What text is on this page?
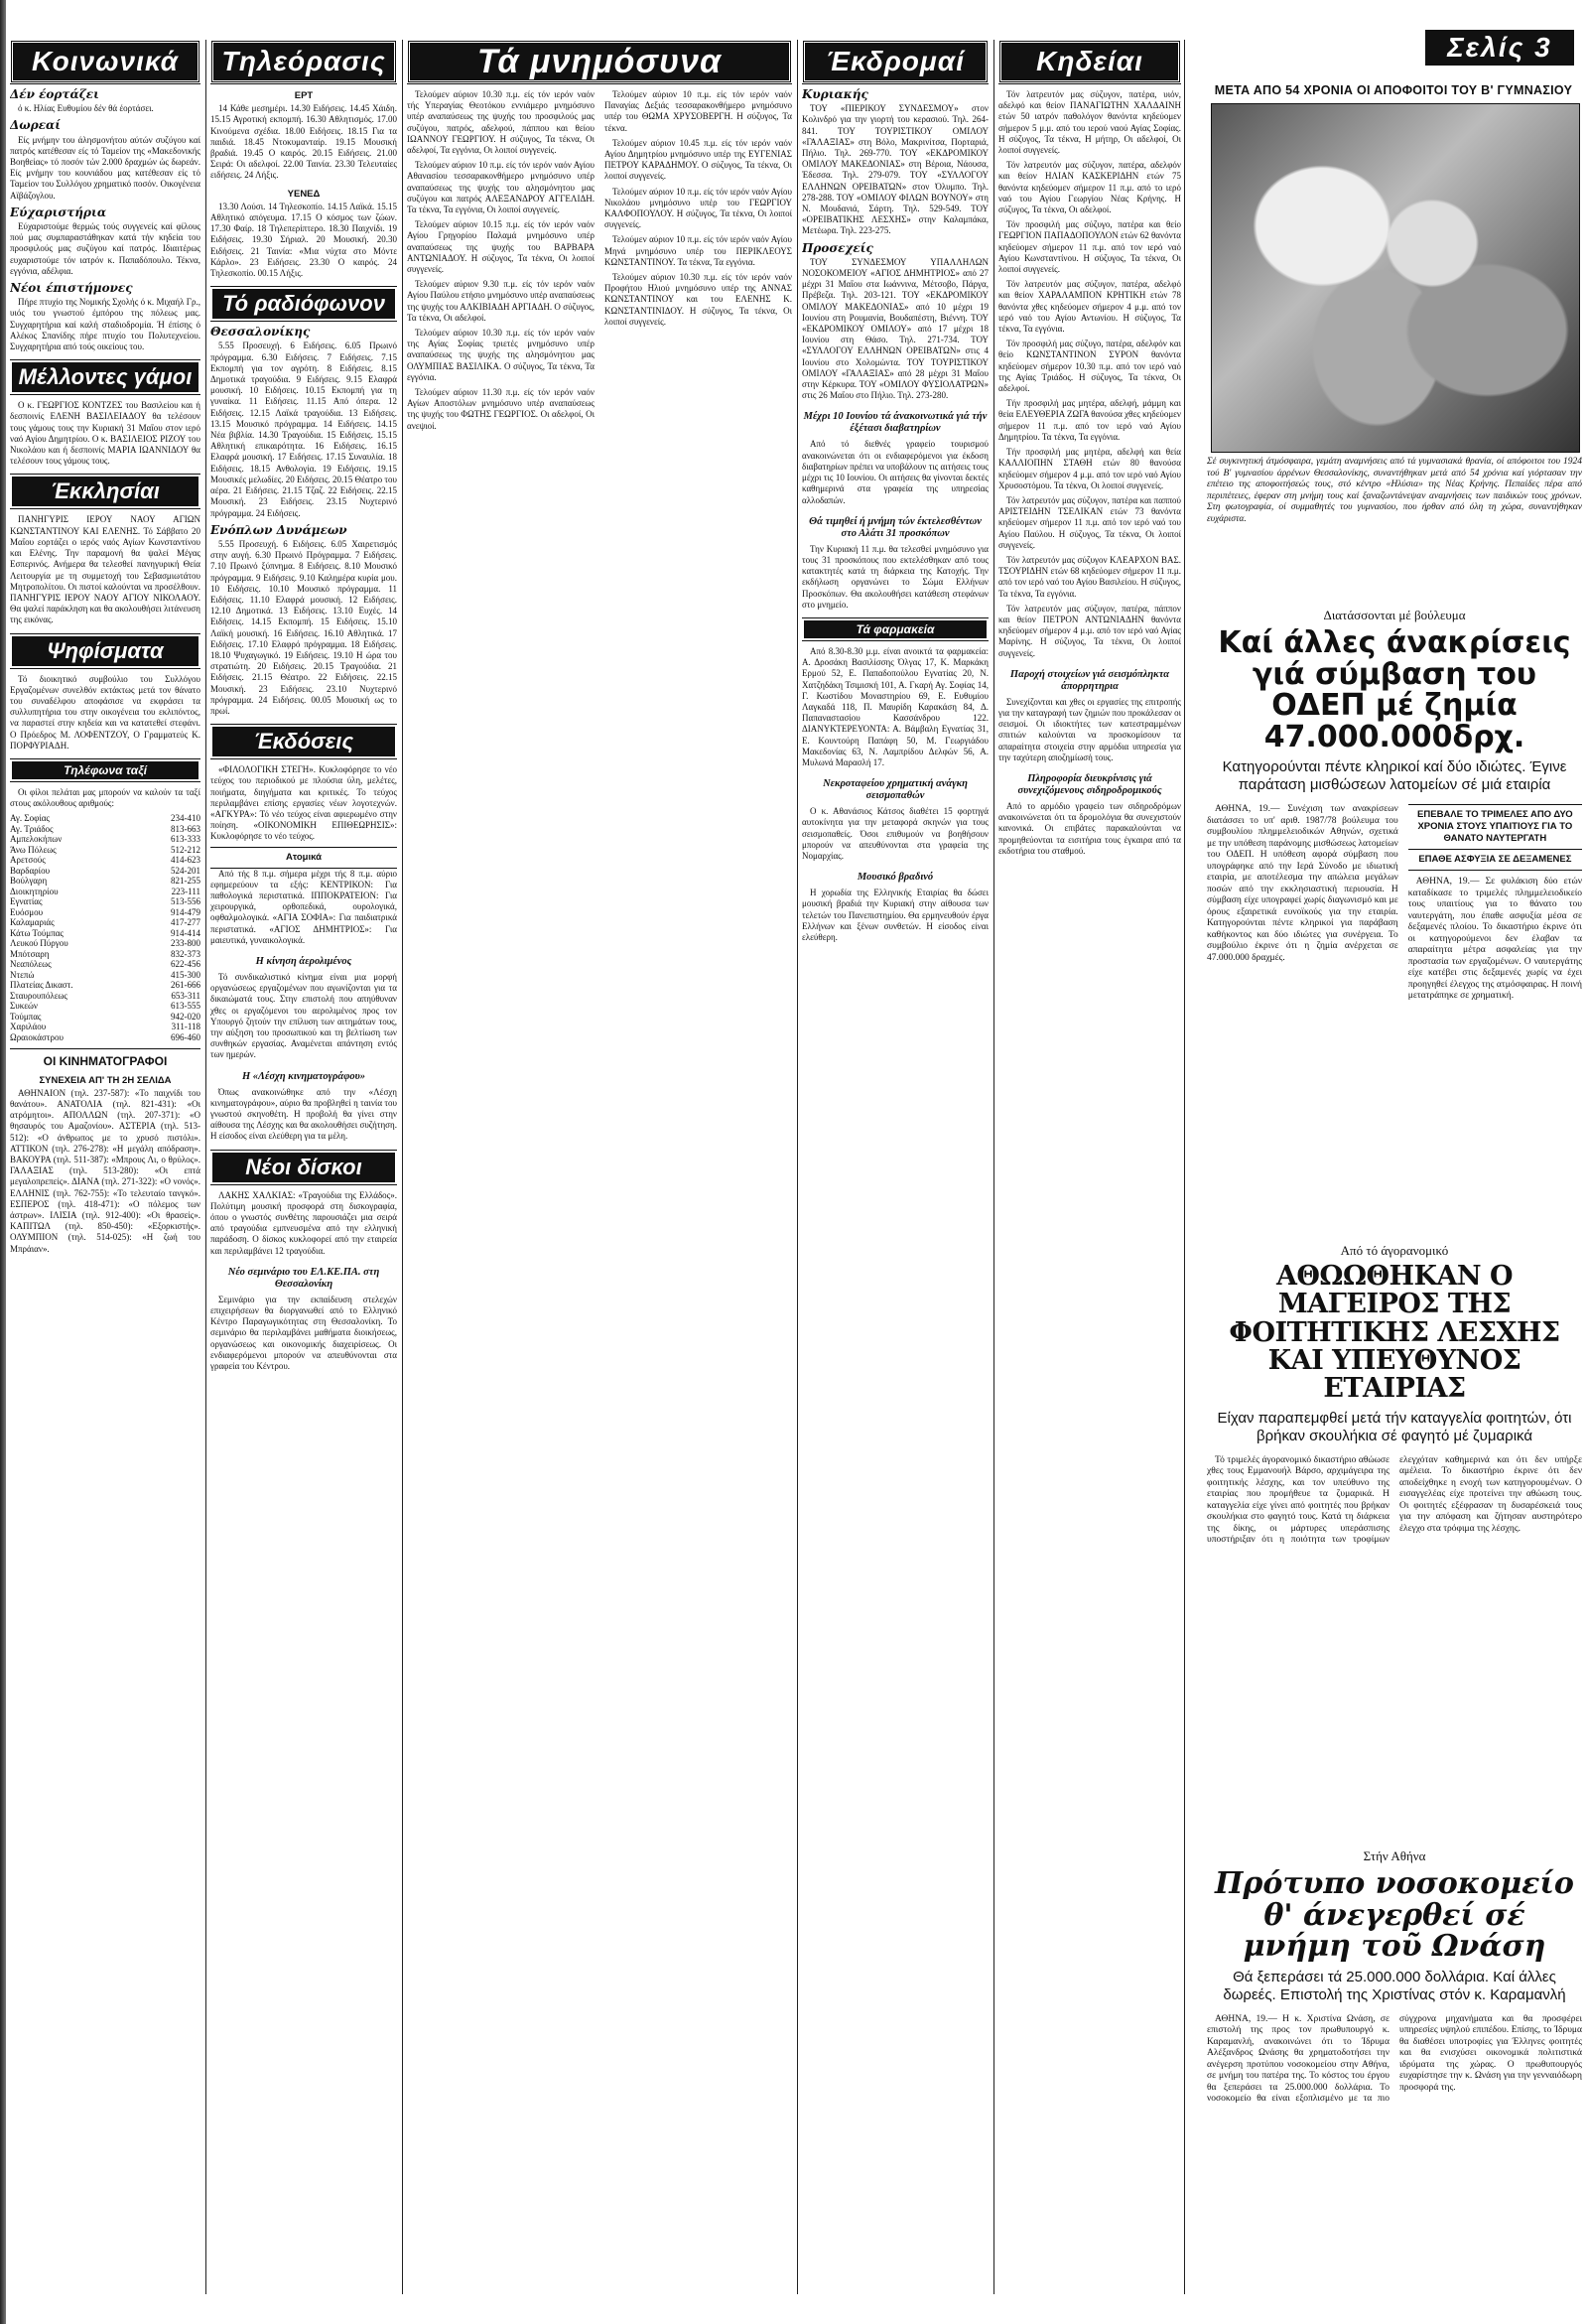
Κοινωνικά
Δέν έορτάζει

ό κ. Ηλίας Ευθυμίου δέν θά έορτάσει.

Δωρεαί

Είς μνήμην του άλησμονήτου αύτών συζύγου καί πατρός κατέθεσαν είς τό Ταμείον της «Μακεδονικής Βοηθείας» τό ποσόν τών 2.000 δραχμών ώς δωρεάν. Είς μνήμην του κουνιάδου μας κατέθεσαν είς τό Ταμείον του Συλλόγου χρηματικό ποσόν. Οικογένεια Αϊβάζογλου.

Εύχαριστήρια

Εύχαριστούμε θερμώς τούς συγγενείς καί φίλους πού μας συμπαραστάθηκαν κατά τήν κηδεία του προσφιλούς μας συζύγου καί πατρός. Ιδιαιτέρως ευχαριστούμε τόν ιατρόν κ. Παπαδόπουλο. Τέκνα, εγγόνια, αδέλφια.

Νέοι έπιστήμονες

Πήρε πτυχίο της Νομικής Σχολής ό κ. Μιχαήλ Γρ., υιός του γνωστού έμπόρου της πόλεως μας. Συγχαρητήρια καί καλή σταδιοδρομία. Ή έπίσης ό Αλέκος Σπανίδης πήρε πτυχίο του Πολυτεχνείου. Συγχαρητήρια από τούς οικείους του.

Μέλλοντες γάμοι

Ο κ. ΓΕΩΡΓΙΟΣ ΚΟΝΤΖΕΣ του Βασιλείου και ή δεσποινίς ΕΛΕΝΗ ΒΑΣΙΛΕΙΑΔΟΥ θα τελέσουν τους γάμους τους την Κυριακή 31 Μαΐου στον ιερό ναό Αγίου Δημητρίου. Ο κ. ΒΑΣΙΛΕΙΟΣ ΡΙΖΟΥ του Νικολάου και ή δεσποινίς ΜΑΡΙΑ ΙΩΑΝΝΙΔΟΥ θα τελέσουν τους γάμους τους.

Έκκλησίαι

ΠΑΝΗΓΥΡΙΣ ΙΕΡΟΥ ΝΑΟΥ ΑΓΙΩΝ ΚΩΝΣΤΑΝΤΙΝΟΥ ΚΑΙ ΕΛΕΝΗΣ. Τό Σάββατο 20 Μαΐου εορτάζει ο ιερός ναός Αγίων Κωνσταντίνου και Ελένης. Την παραμονή θα ψαλεί Μέγας Εσπερινός. Ανήμερα θα τελεσθεί πανηγυρική Θεία Λειτουργία με τη συμμετοχή του Σεβασμιωτάτου Μητροπολίτου. Οι πιστοί καλούνται να προσέλθουν. ΠΑΝΗΓΥΡΙΣ ΙΕΡΟΥ ΝΑΟΥ ΑΓΙΟΥ ΝΙΚΟΛΑΟΥ. Θα ψαλεί παράκληση και θα ακολουθήσει λιτάνευση της εικόνας.

Ψηφίσματα

Τό διοικητικό συμβούλιο του Συλλόγου Εργαζομένων συνελθόν εκτάκτως μετά τον θάνατο του συναδέλφου αποφάσισε να εκφράσει τα συλλυπητήρια του στην οικογένεια του εκλιπόντος, να παραστεί στην κηδεία και να κατατεθεί στεφάνι. Ο Πρόεδρος Μ. ΛΟΦΕΝΤΖΟΥ, Ο Γραμματεύς Κ. ΠΟΡΦΥΡΙΑΔΗ.

Τηλέφωνα ταξί

Οι φίλοι πελάται μας μπορούν να καλούν τα ταξί στους ακόλουθους αριθμούς:

Αγ. Σοφίας	234-410
Αγ. Τριάδος	813-663
Αμπελοκήπων	613-333
Άνω Πόλεως	512-212
Αρετσούς	414-623
Βαρδαρίου	524-201
Βούλγαρη	821-255
Διοικητηρίου	223-111
Εγνατίας	513-556
Ευόσμου	914-479
Καλαμαριάς	417-277
Κάτω Τούμπας	914-414
Λευκού Πύργου	233-800
Μπότσαρη	832-373
Νεαπόλεως	622-456
Ντεπώ	415-300
Πλατείας Δικαστ.	261-666
Σταυρουπόλεως	653-311
Συκεών	613-555
Τούμπας	942-020
Χαριλάου	311-118
Ωραιοκάστρου	696-460
ΟΙ ΚΙΝΗΜΑΤΟΓΡΑΦΟΙ
ΣΥΝΕΧΕΙΑ ΑΠ' ΤΗ 2Η ΣΕΛΙΔΑ

ΑΘΗΝΑΙΟΝ (τηλ. 237-587): «Το παιχνίδι του θανάτου». ΑΝΑΤΟΛΙΑ (τηλ. 821-431): «Οι ατρόμητοι». ΑΠΟΛΛΩΝ (τηλ. 207-371): «Ο θησαυρός του Αμαζονίου». ΑΣΤΕΡΙΑ (τηλ. 513-512): «Ο άνθρωπος με το χρυσό πιστόλι». ΑΤΤΙΚΟΝ (τηλ. 276-278): «Η μεγάλη απόδραση». ΒΑΚΟΥΡΑ (τηλ. 511-387): «Μπρους Λι, ο θρύλος». ΓΑΛΑΞΙΑΣ (τηλ. 513-280): «Οι επτά μεγαλοπρεπείς». ΔΙΑΝΑ (τηλ. 271-322): «Ο νονός». ΕΛΛΗΝΙΣ (τηλ. 762-755): «Το τελευταίο τανγκό». ΕΣΠΕΡΟΣ (τηλ. 418-471): «Ο πόλεμος των άστρων». ΙΛΙΣΙΑ (τηλ. 912-400): «Οι θρασείς». ΚΑΠΙΤΩΛ (τηλ. 850-450): «Εξορκιστής». ΟΛΥΜΠΙΟΝ (τηλ. 514-025): «Η ζωή του Μπράιαν».

Τηλεόρασις
ΕΡΤ

14 Κάθε μεσημέρι. 14.30 Ειδήσεις. 14.45 Χάιδη. 15.15 Αγροτική εκπομπή. 16.30 Αθλητισμός. 17.00 Κινούμενα σχέδια. 18.00 Ειδήσεις. 18.15 Για τα παιδιά. 18.45 Ντοκυμανταίρ. 19.15 Μουσική βραδιά. 19.45 Ο καιρός. 20.15 Ειδήσεις. 21.00 Σειρά: Οι αδελφοί. 22.00 Ταινία. 23.30 Τελευταίες ειδήσεις. 24 Λήξις.

ΥΕΝΕΔ

13.30 Λούσι. 14 Τηλεσκοπίο. 14.15 Λαϊκά. 15.15 Αθλητικό απόγευμα. 17.15 Ο κόσμος των ζώων. 17.30 Φαίρ. 18 Τηλεπερίπτερο. 18.30 Παιχνίδι. 19 Ειδήσεις. 19.30 Σήριαλ. 20 Μουσική. 20.30 Ειδήσεις. 21 Ταινία: «Μια νύχτα στο Μόντε Κάρλο». 23 Ειδήσεις. 23.30 Ο καιρός. 24 Τηλεσκοπίο. 00.15 Λήξις.

Τό ραδιόφωνον
Θεσσαλονίκης

5.55 Προσευχή. 6 Ειδήσεις. 6.05 Πρωινό πρόγραμμα. 6.30 Ειδήσεις. 7 Ειδήσεις. 7.15 Εκπομπή για τον αγρότη. 8 Ειδήσεις. 8.15 Δημοτικά τραγούδια. 9 Ειδήσεις. 9.15 Ελαφρά μουσική. 10 Ειδήσεις. 10.15 Εκπομπή για τη γυναίκα. 11 Ειδήσεις. 11.15 Από όπερα. 12 Ειδήσεις. 12.15 Λαϊκά τραγούδια. 13 Ειδήσεις. 13.15 Μουσικό πρόγραμμα. 14 Ειδήσεις. 14.15 Νέα βιβλία. 14.30 Τραγούδια. 15 Ειδήσεις. 15.15 Αθλητική επικαιρότητα. 16 Ειδήσεις. 16.15 Ελαφρά μουσική. 17 Ειδήσεις. 17.15 Συναυλία. 18 Ειδήσεις. 18.15 Ανθολογία. 19 Ειδήσεις. 19.15 Μουσικές μελωδίες. 20 Ειδήσεις. 20.15 Θέατρο του αέρα. 21 Ειδήσεις. 21.15 Τζαζ. 22 Ειδήσεις. 22.15 Μουσική. 23 Ειδήσεις. 23.15 Νυχτερινό πρόγραμμα. 24 Ειδήσεις.

Ενόπλων Δυνάμεων

5.55 Προσευχή. 6 Ειδήσεις. 6.05 Χαιρετισμός στην αυγή. 6.30 Πρωινό Πρόγραμμα. 7 Ειδήσεις. 7.10 Πρωινό ξύπνημα. 8 Ειδήσεις. 8.10 Μουσικό πρόγραμμα. 9 Ειδήσεις. 9.10 Καλημέρα κυρία μου. 10 Ειδήσεις. 10.10 Μουσικό πρόγραμμα. 11 Ειδήσεις. 11.10 Ελαφρά μουσική. 12 Ειδήσεις. 12.10 Δημοτικά. 13 Ειδήσεις. 13.10 Ευχές. 14 Ειδήσεις. 14.15 Εκπομπή. 15 Ειδήσεις. 15.10 Λαϊκή μουσική. 16 Ειδήσεις. 16.10 Αθλητικά. 17 Ειδήσεις. 17.10 Ελαφρό πρόγραμμα. 18 Ειδήσεις. 18.10 Ψυχαγωγικό. 19 Ειδήσεις. 19.10 Η ώρα του στρατιώτη. 20 Ειδήσεις. 20.15 Τραγούδια. 21 Ειδήσεις. 21.15 Θέατρο. 22 Ειδήσεις. 22.15 Μουσική. 23 Ειδήσεις. 23.10 Νυχτερινό πρόγραμμα. 24 Ειδήσεις. 00.05 Μουσική ως το πρωί.

Έκδόσεις

«ΦΙΛΟΛΟΓΙΚΗ ΣΤΕΓΗ». Κυκλοφόρησε το νέο τεύχος του περιοδικού με πλούσια ύλη, μελέτες, ποιήματα, διηγήματα και κριτικές. Το τεύχος περιλαμβάνει επίσης εργασίες νέων λογοτεχνών. «ΑΓΚΥΡΑ»: Τό νέο τεύχος είναι αφιερωμένο στην ποίηση. «ΟΙΚΟΝΟΜΙΚΗ ΕΠΙΘΕΩΡΗΣΙΣ»: Κυκλοφόρησε το νέο τεύχος.

Ατομικά

Από τής 8 π.μ. σήμερα μέχρι τής 8 π.μ. αύριο εφημερεύουν τα εξής: ΚΕΝΤΡΙΚΟΝ: Για παθολογικά περιστατικά. ΙΠΠΟΚΡΑΤΕΙΟΝ: Για χειρουργικά, ορθοπεδικά, ουρολογικά, οφθαλμολογικά. «ΑΓΙΑ ΣΟΦΙΑ»: Για παιδιατρικά περιστατικά. «ΑΓΙΟΣ ΔΗΜΗΤΡΙΟΣ»: Για μαιευτικά, γυναικολογικά.

Η κίνηση άερολιμένος

Τό συνδικαλιστικό κίνημα είναι μια μορφή οργανώσεως εργαζομένων που αγωνίζονται για τα δικαιώματά τους. Στην επιστολή που απηύθυναν χθες οι εργαζόμενοι του αερολιμένος προς τον Υπουργό ζητούν την επίλυση των αιτημάτων τους, την αύξηση του προσωπικού και τη βελτίωση των συνθηκών εργασίας. Αναμένεται απάντηση εντός των ημερών.

Η «Λέσχη κινηματογράφου»

Όπως ανακοινώθηκε από την «Λέσχη κινηματογράφου», αύριο θα προβληθεί η ταινία του γνωστού σκηνοθέτη. Η προβολή θα γίνει στην αίθουσα της Λέσχης και θα ακολουθήσει συζήτηση. Η είσοδος είναι ελεύθερη για τα μέλη.

Νέοι δίσκοι

ΛΑΚΗΣ ΧΑΛΚΙΑΣ: «Τραγούδια της Ελλάδος». Πολύτιμη μουσική προσφορά στη δισκογραφία, όπου ο γνωστός συνθέτης παρουσιάζει μια σειρά από τραγούδια εμπνευσμένα από την ελληνική παράδοση. Ο δίσκος κυκλοφορεί από την εταιρεία και περιλαμβάνει 12 τραγούδια.

Νέο σεμινάριο του ΕΛ.ΚΕ.ΠΑ. στη Θεσσαλονίκη

Σεμινάριο για την εκπαίδευση στελεχών επιχειρήσεων θα διοργανωθεί από το Ελληνικό Κέντρο Παραγωγικότητας στη Θεσσαλονίκη. Το σεμινάριο θα περιλαμβάνει μαθήματα διοικήσεως, οργανώσεως και οικονομικής διαχειρίσεως. Οι ενδιαφερόμενοι μπορούν να απευθύνονται στα γραφεία του Κέντρου.

Τά μνημόσυνα

Τελούμεν αύριον 10.30 π.μ. είς τόν ιερόν ναόν τής Υπεραγίας Θεοτόκου εννιάμερο μνημόσυνο υπέρ αναπαύσεως της ψυχής του προσφιλούς μας συζύγου, πατρός, αδελφού, πάππου και θείου ΙΩΑΝΝΟΥ ΓΕΩΡΓΙΟΥ. Η σύζυγος, Τα τέκνα, Οι αδελφοί, Τα εγγόνια, Οι λοιποί συγγενείς.

Τελούμεν αύριον 10 π.μ. είς τόν ιερόν ναόν Αγίου Αθανασίου τεσσαρακονθήμερο μνημόσυνο υπέρ αναπαύσεως της ψυχής του αλησμόνητου μας συζύγου και πατρός ΑΛΕΞΑΝΔΡΟΥ ΑΓΓΕΛΙΔΗ. Τα τέκνα, Τα εγγόνια, Οι λοιποί συγγενείς.

Τελούμεν αύριον 10.15 π.μ. είς τόν ιερόν ναόν Αγίου Γρηγορίου Παλαμά μνημόσυνο υπέρ αναπαύσεως της ψυχής του ΒΑΡΒΑΡΑ ΑΝΤΩΝΙΑΔΟΥ. Η σύζυγος, Τα τέκνα, Οι λοιποί συγγενείς.

Τελούμεν αύριον 9.30 π.μ. είς τόν ιερόν ναόν Αγίου Παύλου ετήσιο μνημόσυνο υπέρ αναπαύσεως της ψυχής του ΑΛΚΙΒΙΑΔΗ ΑΡΓΙΑΔΗ. Ο σύζυγος, Τα τέκνα, Οι αδελφοί.

Τελούμεν αύριον 10.30 π.μ. είς τόν ιερόν ναόν της Αγίας Σοφίας τριετές μνημόσυνο υπέρ αναπαύσεως της ψυχής της αλησμόνητου μας ΟΛΥΜΠΙΑΣ ΒΑΣΙΛΙΚΑ. Ο σύζυγος, Τα τέκνα, Τα εγγόνια.

Τελούμεν αύριον 11.30 π.μ. είς τόν ιερόν ναόν Αγίων Αποστόλων μνημόσυνο υπέρ αναπαύσεως της ψυχής του ΦΩΤΗΣ ΓΕΩΡΓΙΟΣ. Οι αδελφοί, Οι ανεψιοί.

Τελούμεν αύριον 10 π.μ. είς τόν ιερόν ναόν Παναγίας Δεξιάς τεσσαρακονθήμερο μνημόσυνο υπέρ του ΘΩΜΑ ΧΡΥΣΟΒΕΡΓΗ. Η σύζυγος, Τα τέκνα.

Τελούμεν αύριον 10.45 π.μ. είς τόν ιερόν ναόν Αγίου Δημητρίου μνημόσυνο υπέρ της ΕΥΓΕΝΙΑΣ ΠΕΤΡΟΥ ΚΑΡΑΔΗΜΟΥ. Ο σύζυγος, Τα τέκνα, Οι λοιποί συγγενείς.

Τελούμεν αύριον 10 π.μ. είς τόν ιερόν ναόν Αγίου Νικολάου μνημόσυνο υπέρ του ΓΕΩΡΓΙΟΥ ΚΑΛΦΟΠΟΥΛΟΥ. Η σύζυγος, Τα τέκνα, Οι λοιποί συγγενείς.

Τελούμεν αύριον 10 π.μ. είς τόν ιερόν ναόν Αγίου Μηνά μνημόσυνο υπέρ του ΠΕΡΙΚΛΕΟΥΣ ΚΩΝΣΤΑΝΤΙΝΟΥ. Τα τέκνα, Τα εγγόνια.

Τελούμεν αύριον 10.30 π.μ. είς τόν ιερόν ναόν Προφήτου Ηλιού μνημόσυνο υπέρ της ΑΝΝΑΣ ΚΩΝΣΤΑΝΤΙΝΟΥ και του ΕΛΕΝΗΣ Κ. ΚΩΝΣΤΑΝΤΙΝΙΔΟΥ. Η σύζυγος, Τα τέκνα, Οι λοιποί συγγενείς.

Έκδρομαί
Κυριακής

ΤΟΥ «ΠΙΕΡΙΚΟΥ ΣΥΝΔΕΣΜΟΥ» στον Κολινδρό για την γιορτή του κερασιού. Τηλ. 264-841. ΤΟΥ ΤΟΥΡΙΣΤΙΚΟΥ ΟΜΙΛΟΥ «ΓΑΛΑΞΙΑΣ» στη Βόλο, Μακρινίτσα, Πορταριά, Πήλιο. Τηλ. 269-770. ΤΟΥ «ΕΚΔΡΟΜΙΚΟΥ ΟΜΙΛΟΥ ΜΑΚΕΔΟΝΙΑΣ» στη Βέροια, Νάουσα, Έδεσσα. Τηλ. 279-079. ΤΟΥ «ΣΥΛΛΟΓΟΥ ΕΛΛΗΝΩΝ ΟΡΕΙΒΑΤΩΝ» στον Όλυμπο. Τηλ. 278-288. ΤΟΥ «ΟΜΙΛΟΥ ΦΙΛΩΝ ΒΟΥΝΟΥ» στη Ν. Μουδανιά, Σάρτη. Τηλ. 529-549. ΤΟΥ «ΟΡΕΙΒΑΤΙΚΗΣ ΛΕΣΧΗΣ» στην Καλαμπάκα, Μετέωρα. Τηλ. 223-275.

Προσεχείς

ΤΟΥ ΣΥΝΔΕΣΜΟΥ ΥΠΑΛΛΗΛΩΝ ΝΟΣΟΚΟΜΕΙΟΥ «ΑΓΙΟΣ ΔΗΜΗΤΡΙΟΣ» από 27 μέχρι 31 Μαΐου στα Ιωάννινα, Μέτσοβο, Πάργα, Πρέβεζα. Τηλ. 203-121. ΤΟΥ «ΕΚΔΡΟΜΙΚΟΥ ΟΜΙΛΟΥ ΜΑΚΕΔΟΝΙΑΣ» από 10 μέχρι 19 Ιουνίου στη Ρουμανία, Βουδαπέστη, Βιέννη. ΤΟΥ «ΕΚΔΡΟΜΙΚΟΥ ΟΜΙΛΟΥ» από 17 μέχρι 18 Ιουνίου στη Θάσο. Τηλ. 271-734. ΤΟΥ «ΣΥΛΛΟΓΟΥ ΕΛΛΗΝΩΝ ΟΡΕΙΒΑΤΩΝ» στις 4 Ιουνίου στο Χολομώντα. ΤΟΥ ΤΟΥΡΙΣΤΙΚΟΥ ΟΜΙΛΟΥ «ΓΑΛΑΞΙΑΣ» από 28 μέχρι 31 Μαΐου στην Κέρκυρα. ΤΟΥ «ΟΜΙΛΟΥ ΦΥΣΙΟΛΑΤΡΩΝ» στις 26 Μαΐου στο Πήλιο. Τηλ. 273-280.

Μέχρι 10 Ιουνίου τά άνακοινωτικά γιά τήν έξέτασι διαβατηρίων

Από τό διεθνές γραφείο τουρισμού ανακοινώνεται ότι οι ενδιαφερόμενοι για έκδοση διαβατηρίων πρέπει να υποβάλουν τις αιτήσεις τους μέχρι τις 10 Ιουνίου. Οι αιτήσεις θα γίνονται δεκτές καθημερινά στα γραφεία της υπηρεσίας αλλοδαπών.

Θά τιμηθεί ή μνήμη τών έκτελεσθέντων στο Αλάτι 31 προσκόπων

Την Κυριακή 11 π.μ. θα τελεσθεί μνημόσυνο για τους 31 προσκόπους που εκτελέσθηκαν από τους κατακτητές κατά τη διάρκεια της Κατοχής. Την εκδήλωση οργανώνει το Σώμα Ελλήνων Προσκόπων. Θα ακολουθήσει κατάθεση στεφάνων στο μνημείο.

Τά φαρμακεία

Από 8.30-8.30 μ.μ. είναι ανοικτά τα φαρμακεία: Α. Δροσάκη Βασιλίσσης Όλγας 17, Κ. Μαρκάκη Ερμού 52, Ε. Παπαδοπούλου Εγνατίας 20, Ν. Χατζηδάκη Τσιμισκή 101, Α. Γκαρή Αγ. Σοφίας 14, Γ. Κωστίδου Μοναστηρίου 69, Ε. Ευθυμίου Λαγκαδά 118, Π. Μαυρίδη Καρακάση 84, Δ. Παπαναστασίου Κασσάνδρου 122. ΔΙΑΝΥΚΤΕΡΕΥΟΝΤΑ: Α. Βάμβαλη Εγνατίας 31, Ε. Κουντούρη Παπάφη 50, Μ. Γεωργιάδου Μακεδονίας 63, Ν. Λαμπρίδου Δελφών 56, Α. Μυλωνά Μαρασλή 17.

Νεκροταφείου χρηματική ανάγκη σεισμοπαθών

Ο κ. Αθανάσιος Κάτσος διαθέτει 15 φορτηγά αυτοκίνητα για την μεταφορά σκηνών για τους σεισμοπαθείς. Όσοι επιθυμούν να βοηθήσουν μπορούν να απευθύνονται στα γραφεία της Νομαρχίας.

Μουσικό βραδινό

Η χορωδία της Ελληνικής Εταιρίας θα δώσει μουσική βραδιά την Κυριακή στην αίθουσα των τελετών του Πανεπιστημίου. Θα ερμηνευθούν έργα Ελλήνων και ξένων συνθετών. Η είσοδος είναι ελεύθερη.

Κηδείαι

Τόν λατρευτόν μας σύζυγον, πατέρα, υιόν, αδελφό και θείον ΠΑΝΑΓΙΩΤΗΝ ΧΑΛΔΑΙΝΗ ετών 50 ιατρόν παθολόγον θανόντα κηδεύομεν σήμερον 5 μ.μ. από του ιερού ναού Αγίας Σοφίας. Η σύζυγος, Τα τέκνα, Η μήτηρ, Οι αδελφοί, Οι λοιποί συγγενείς.

Τόν λατρευτόν μας σύζυγον, πατέρα, αδελφόν και θείον ΗΛΙΑΝ ΚΑΣΚΕΡΙΔΗΝ ετών 75 θανόντα κηδεύομεν σήμερον 11 π.μ. από το ιερό ναό του Αγίου Γεωργίου Νέας Κρήνης. Η σύζυγος, Τα τέκνα, Οι αδελφοί.

Τόν προσφιλή μας σύζυγο, πατέρα και θείο ΓΕΩΡΓΙΟΝ ΠΑΠΑΔΟΠΟΥΛΟΝ ετών 62 θανόντα κηδεύομεν σήμερον 11 π.μ. από τον ιερό ναό Αγίου Κωνσταντίνου. Η σύζυγος, Τα τέκνα, Οι λοιποί συγγενείς.

Τόν λατρευτόν μας σύζυγον, πατέρα, αδελφό και θείον ΧΑΡΑΛΑΜΠΟΝ ΚΡΗΤΙΚΗ ετών 78 θανόντα χθες κηδεύομεν σήμερον 4 μ.μ. από τον ιερό ναό του Αγίου Αντωνίου. Η σύζυγος, Τα τέκνα, Τα εγγόνια.

Τόν προσφιλή μας σύζυγο, πατέρα, αδελφόν και θείο ΚΩΝΣΤΑΝΤΙΝΟΝ ΣΥΡΟΝ θανόντα κηδεύομεν σήμερον 10.30 π.μ. από τον ιερό ναό της Αγίας Τριάδος. Η σύζυγος, Τα τέκνα, Οι αδελφοί.

Τήν προσφιλή μας μητέρα, αδελφή, μάμμη και θεία ΕΛΕΥΘΕΡΙΑ ΖΩΓΑ θανούσα χθες κηδεύομεν σήμερον 11 π.μ. από τον ιερό ναό Αγίου Δημητρίου. Τα τέκνα, Τα εγγόνια.

Τήν προσφιλή μας μητέρα, αδελφή και θεία ΚΑΛΛΙΟΠΗΝ ΣΤΑΘΗ ετών 80 θανούσα κηδεύομεν σήμερον 4 μ.μ. από τον ιερό ναό Αγίου Χρυσοστόμου. Τα τέκνα, Οι λοιποί συγγενείς.

Τόν λατρευτόν μας σύζυγον, πατέρα και παππού ΑΡΙΣΤΕΙΔΗΝ ΤΣΕΛΙΚΑΝ ετών 73 θανόντα κηδεύομεν σήμερον 11 π.μ. από τον ιερό ναό του Αγίου Παύλου. Η σύζυγος, Τα τέκνα, Οι λοιποί συγγενείς.

Τόν λατρευτόν μας σύζυγον ΚΛΕΑΡΧΟΝ ΒΑΣ. ΤΣΟΥΡΙΔΗΝ ετών 68 κηδεύομεν σήμερον 11 π.μ. από τον ιερό ναό του Αγίου Βασιλείου. Η σύζυγος, Τα τέκνα, Τα εγγόνια.

Τόν λατρευτόν μας σύζυγον, πατέρα, πάππον και θείον ΠΕΤΡΟΝ ΑΝΤΩΝΙΑΔΗΝ θανόντα κηδεύομεν σήμερον 4 μ.μ. από τον ιερό ναό Αγίας Μαρίνης. Η σύζυγος, Τα τέκνα, Οι λοιποί συγγενείς.

Παροχή στοιχείων γιά σεισμόπληκτα άπορρητηρια

Συνεχίζονται και χθες οι εργασίες της επιτροπής για την καταγραφή των ζημιών που προκάλεσαν οι σεισμοί. Οι ιδιοκτήτες των κατεστραμμένων σπιτιών καλούνται να προσκομίσουν τα απαραίτητα στοιχεία στην αρμόδια υπηρεσία για την ταχύτερη αποζημίωσή τους.

Πληροφορία διευκρίνισις γιά συνεχιζόμενους σιδηροδρομικούς

Από το αρμόδιο γραφείο των σιδηροδρόμων ανακοινώνεται ότι τα δρομολόγια θα συνεχιστούν κανονικά. Οι επιβάτες παρακαλούνται να προμηθεύονται τα εισιτήρια τους έγκαιρα από τα εκδοτήρια του σταθμού.

Σελίς 3
ΜΕΤΑ ΑΠΟ 54 ΧΡΟΝΙΑ ΟΙ ΑΠΟΦΟΙΤΟΙ ΤΟΥ Β' ΓΥΜΝΑΣΙΟΥ
Σέ συγκινητική άτμόσφαιρα, γεμάτη αναμνήσεις από τά γυμνασιακά θρανία, οί απόφοιτοι του 1924 τού Β' γυμνασίου άρρένων Θεσσαλονίκης, συναντήθηκαν μετά από 54 χρόνια καί γιόρτασαν την επέτειο της αποφοιτήσεώς τους, στό κέντρο «Ηλύσια» της Νέας Κρήνης. Πεπαίδες πέρα από περιπέτειες, έφεραν στη μνήμη τους καί ξαναζωντάνεψαν αναμνήσεις των παιδικών τους χρόνων. Στη φωτογραφία, οί συμμαθητές του γυμνασίου, που ήρθαν από όλη τη χώρα, συναντήθηκαν ευχάριστα.
Διατάσσονται μέ βούλευμα
Καί άλλες άνακρίσεις γιά σύμβαση του ΟΔΕΠ μέ ζημία 47.000.000δρχ.
Κατηγορούνται πέντε κληρικοί καί δύο ιδιώτες. Έγινε παράταση μισθώσεων λατομείων σέ μιά εταιρία

ΑΘΗΝΑ, 19.— Συνέχιση των ανακρίσεων διατάσσει το υπ' αριθ. 1987/78 βούλευμα του συμβουλίου πλημμελειοδικών Αθηνών, σχετικά με την υπόθεση παράνομης μισθώσεως λατομείων του ΟΔΕΠ. Η υπόθεση αφορά σύμβαση που υπογράφηκε από την Ιερά Σύνοδο με ιδιωτική εταιρία, με αποτέλεσμα την απώλεια μεγάλων ποσών από την εκκλησιαστική περιουσία. Η σύμβαση είχε υπογραφεί χωρίς διαγωνισμό και με όρους εξαιρετικά ευνοϊκούς για την εταιρία. Κατηγορούνται πέντε κληρικοί για παράβαση καθήκοντος και δύο ιδιώτες για συνέργεια. Το συμβούλιο έκρινε ότι η ζημία ανέρχεται σε 47.000.000 δραχμές.

ΕΠΕΒΑΛΕ ΤΟ ΤΡΙΜΕΛΕΣ ΑΠΟ ΔΥΟ ΧΡΟΝΙΑ ΣΤΟΥΣ ΥΠΑΙΤΙΟΥΣ ΓΙΑ ΤΟ ΘΑΝΑΤΟ ΝΑΥΤΕΡΓΑΤΗ
ΕΠΑΘΕ ΑΣΦΥΞΙΑ ΣΕ ΔΕΞΑΜΕΝΕΣ

ΑΘΗΝΑ, 19.— Σε φυλάκιση δύο ετών καταδίκασε το τριμελές πλημμελειοδικείο τους υπαιτίους για το θάνατο του ναυτεργάτη, που έπαθε ασφυξία μέσα σε δεξαμενές πλοίου. Το δικαστήριο έκρινε ότι οι κατηγορούμενοι δεν έλαβαν τα απαραίτητα μέτρα ασφαλείας για την προστασία των εργαζομένων. Ο ναυτεργάτης είχε κατέβει στις δεξαμενές χωρίς να έχει προηγηθεί έλεγχος της ατμόσφαιρας. Η ποινή μετατράπηκε σε χρηματική.

Από τό άγορανομικό
ΑΘΩΩΘΗΚΑΝ Ο ΜΑΓΕΙΡΟΣ ΤΗΣ ΦΟΙΤΗΤΙΚΗΣ ΛΕΣΧΗΣ ΚΑΙ ΥΠΕΥΘΥΝΟΣ ΕΤΑΙΡΙΑΣ
Είχαν παραπεμφθεί μετά τήν καταγγελία φοιτητών, ότι βρήκαν σκουλήκια σέ φαγητό μέ ζυμαρικά

Τό τριμελές άγορανομικό δικαστήριο αθώωσε χθες τους Εμμανουήλ Βάρσο, αρχιμάγειρα της φοιτητικής λέσχης, και τον υπεύθυνο της εταιρίας που προμήθευε τα ζυμαρικά. Η καταγγελία είχε γίνει από φοιτητές που βρήκαν σκουλήκια στο φαγητό τους. Κατά τη διάρκεια της δίκης, οι μάρτυρες υπεράσπισης υποστήριξαν ότι η ποιότητα των τροφίμων ελεγχόταν καθημερινά και ότι δεν υπήρξε αμέλεια. Το δικαστήριο έκρινε ότι δεν αποδείχθηκε η ενοχή των κατηγορουμένων. Ο εισαγγελέας είχε προτείνει την αθώωση τους. Οι φοιτητές εξέφρασαν τη δυσαρέσκειά τους για την απόφαση και ζήτησαν αυστηρότερο έλεγχο στα τρόφιμα της λέσχης.

Στήν Αθήνα
Πρότυπο νοσοκομείο θ' άνεγερθεί σέ μνήμη τοῦ Ωνάση
Θά ξεπεράσει τά 25.000.000 δολλάρια. Καί άλλες δωρεές. Επιστολή της Χριστίνας στόν κ. Καραμανλή

ΑΘΗΝΑ, 19.— Η κ. Χριστίνα Ωνάση, σε επιστολή της προς τον πρωθυπουργό κ. Καραμανλή, ανακοινώνει ότι το Ίδρυμα Αλέξανδρος Ωνάσης θα χρηματοδοτήσει την ανέγερση προτύπου νοσοκομείου στην Αθήνα, σε μνήμη του πατέρα της. Το κόστος του έργου θα ξεπεράσει τα 25.000.000 δολλάρια. Το νοσοκομείο θα είναι εξοπλισμένο με τα πιο σύγχρονα μηχανήματα και θα προσφέρει υπηρεσίες υψηλού επιπέδου. Επίσης, το Ίδρυμα θα διαθέσει υποτροφίες για Έλληνες φοιτητές και θα ενισχύσει οικονομικά πολιτιστικά ιδρύματα της χώρας. Ο πρωθυπουργός ευχαρίστησε την κ. Ωνάση για την γενναιόδωρη προσφορά της.
